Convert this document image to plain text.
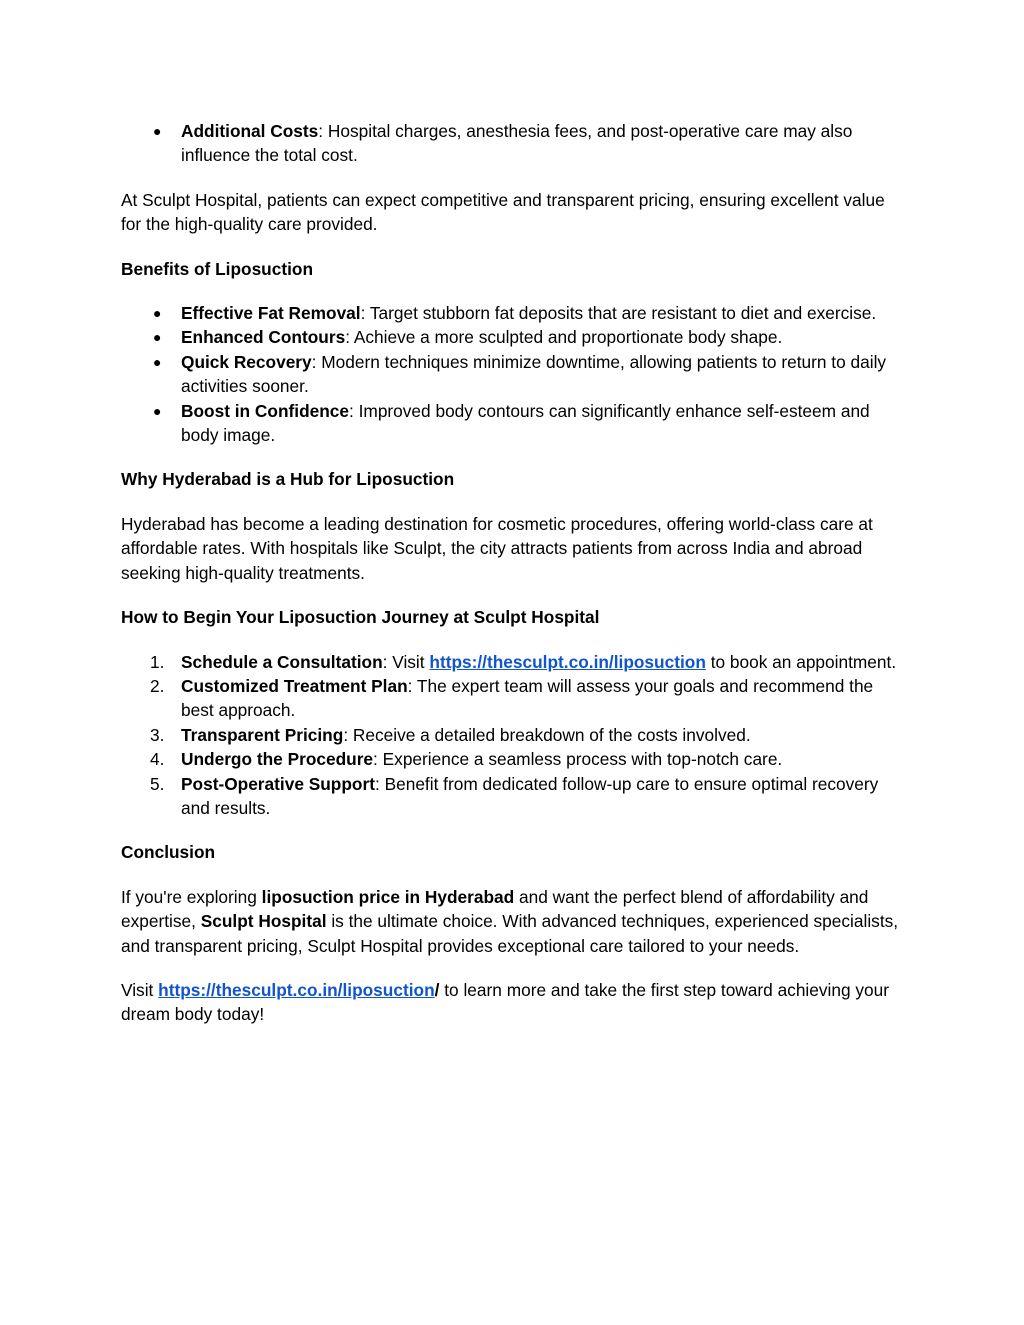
● Additional Costs: Hospital charges, anesthesia fees, and post-operative care may also influence the total cost.

At Sculpt Hospital, patients can expect competitive and transparent pricing, ensuring excellent value for the high-quality care provided.

Benefits of Liposuction
● Effective Fat Removal: Target stubborn fat deposits that are resistant to diet and exercise.
● Enhanced Contours: Achieve a more sculpted and proportionate body shape.
● Quick Recovery: Modern techniques minimize downtime, allowing patients to return to daily activities sooner.
● Boost in Confidence: Improved body contours can significantly enhance self-esteem and body image.
Why Hyderabad is a Hub for Liposuction

Hyderabad has become a leading destination for cosmetic procedures, offering world-class care at affordable rates. With hospitals like Sculpt, the city attracts patients from across India and abroad seeking high-quality treatments.

How to Begin Your Liposuction Journey at Sculpt Hospital
1. Schedule a Consultation: Visit https://thesculpt.co.in/liposuction to book an appointment.
2. Customized Treatment Plan: The expert team will assess your goals and recommend the best approach.
3. Transparent Pricing: Receive a detailed breakdown of the costs involved.
4. Undergo the Procedure: Experience a seamless process with top-notch care.
5. Post-Operative Support: Benefit from dedicated follow-up care to ensure optimal recovery and results.
Conclusion

If you're exploring liposuction price in Hyderabad and want the perfect blend of affordability and expertise, Sculpt Hospital is the ultimate choice. With advanced techniques, experienced specialists, and transparent pricing, Sculpt Hospital provides exceptional care tailored to your needs.

Visit https://thesculpt.co.in/liposuction/ to learn more and take the first step toward achieving your dream body today!
